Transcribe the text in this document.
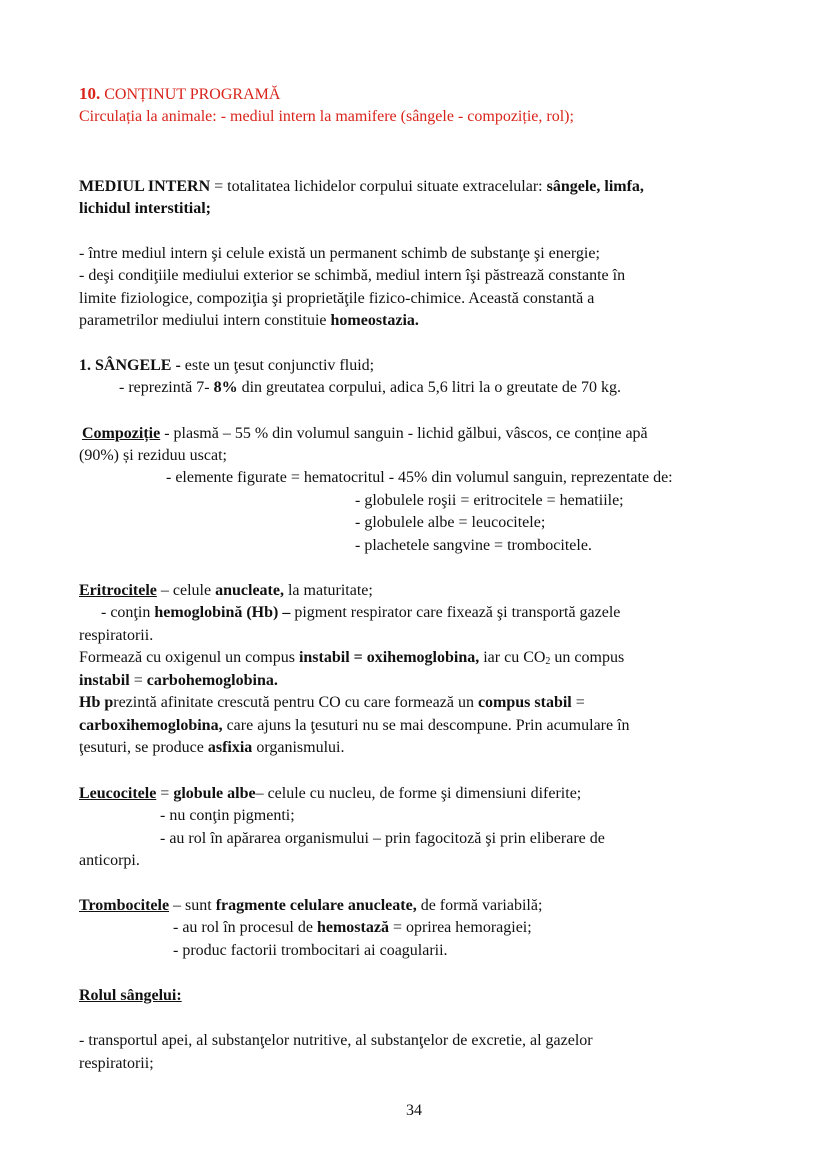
10. CONȚINUT PROGRAMĂ
Circulația la animale: - mediul intern la mamifere (sângele - compoziție, rol);
MEDIUL INTERN = totalitatea lichidelor corpului situate extracelular: sângele, limfa,
lichidul interstitial;
- între mediul intern şi celule există un permanent schimb de substanţe şi energie;
- deşi condiţiile mediului exterior se schimbă, mediul intern îşi păstrează constante în
limite fiziologice, compoziţia şi proprietăţile fizico-chimice. Această constantă a
parametrilor mediului intern constituie homeostazia.
1. SÂNGELE - este un ţesut conjunctiv fluid;
- reprezintă 7- 8% din greutatea corpului, adica 5,6 litri la o greutate de 70 kg.
Compoziție - plasmă – 55 % din volumul sanguin - lichid gălbui, vâscos, ce conține apă
(90%) și reziduu uscat;
- elemente figurate = hematocritul - 45% din volumul sanguin, reprezentate de:
- globulele roşii = eritrocitele = hematiile;
- globulele albe = leucocitele;
- plachetele sangvine = trombocitele.
Eritrocitele – celule anucleate, la maturitate;
- conţin hemoglobină (Hb) – pigment respirator care fixează şi transportă gazele
respiratorii.
Formează cu oxigenul un compus instabil = oxihemoglobina, iar cu $CO_2$ un compus
instabil = carbohemoglobina.
Hb prezintă afinitate crescută pentru CO cu care formează un compus stabil =
carboxihemoglobina, care ajuns la ţesuturi nu se mai descompune. Prin acumulare în
ţesuturi, se produce asfixia organismului.
Leucocitele = globule albe– celule cu nucleu, de forme şi dimensiuni diferite;
- nu conţin pigmenti;
- au rol în apărarea organismului – prin fagocitoză şi prin eliberare de
anticorpi.
Trombocitele – sunt fragmente celulare anucleate, de formă variabilă;
- au rol în procesul de hemostază = oprirea hemoragiei;
- produc factorii trombocitari ai coagularii.
Rolul sângelui:
- transportul apei, al substanţelor nutritive, al substanţelor de excretie, al gazelor
respiratorii;
34
